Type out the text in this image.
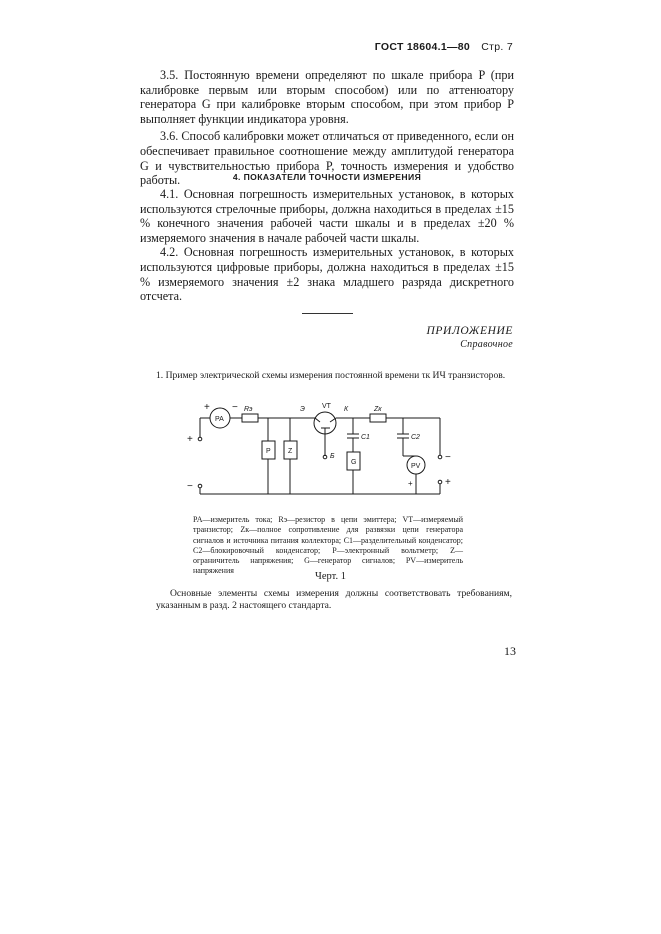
ГОСТ 18604.1—80 Стр. 7

3.5. Постоянную времени определяют по шкале прибора P (при калибровке первым или вторым способом) или по аттенюатору генератора G при калибровке вторым способом, при этом прибор P выполняет функции индикатора уровня.

3.6. Способ калибровки может отличаться от приведенного, если он обеспечивает правильное соотношение между амплитудой генератора G и чувствительностью прибора P, точность измерения и удобство работы.	4. ПОКАЗАТЕЛИ ТОЧНОСТИ ИЗМЕРЕНИЯ

4.1. Основная погрешность измерительных установок, в которых используются стрелочные приборы, должна находиться в пределах ±15 % конечного значения рабочей части шкалы и в пределах ±20 % измеряемого значения в начале рабочей части шкалы.

4.2. Основная погрешность измерительных установок, в которых используются цифровые приборы, должна находиться в пределах ±15 % измеряемого значения ±2 знака младшего разряда дискретного отсчета.

ПРИЛОЖЕНИЕ
Справочное

1. Пример электрической схемы измерения постоянной времени τк ИЧ транзисторов.

PA
Rэ	Э VT К	Zк
C1	C2
Б
P Z
G
PV
+ −
+
−
−
+
+
PA—измеритель тока; Rэ—резистор в цепи эмиттера; VT—измеряемый транзистор; Zк—полное сопротивление для развязки цепи генератора сигналов и источника питания коллектора; C1—разделительный конденсатор; C2—блокировочный конденсатор; P—электронный вольтметр; Z—ограничитель напряжения; G—генератор сигналов; PV—измеритель напряжения
Черт. 1

Основные элементы схемы измерения должны соответствовать требованиям, указанным в разд. 2 настоящего стандарта.

13
